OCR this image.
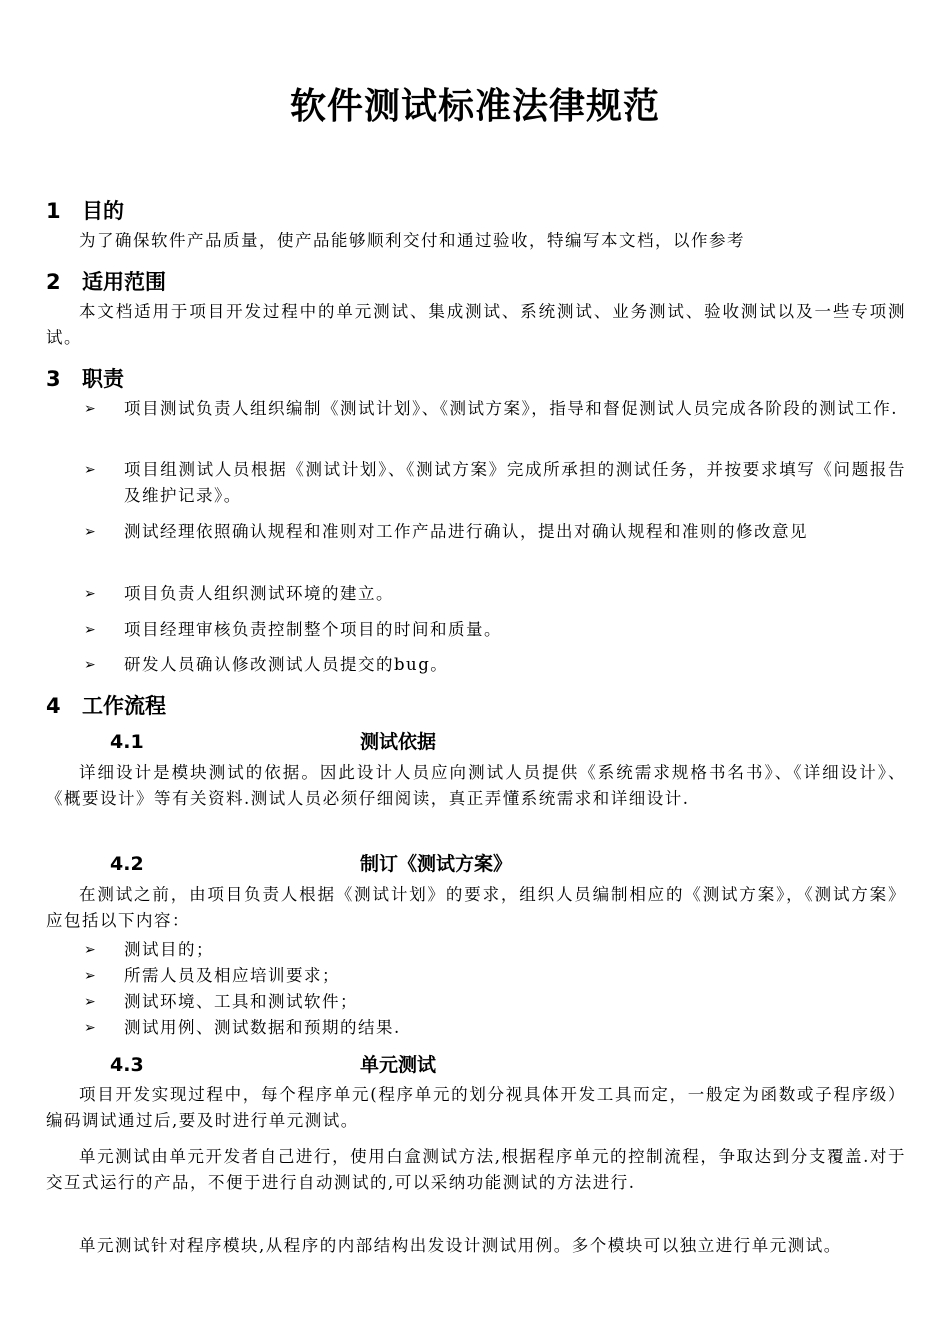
软件测试标准法律规范
1 目的
为了确保软件产品质量，使产品能够顺利交付和通过验收，特编写本文档，以作参考
2 适用范围
本文档适用于项目开发过程中的单元测试、集成测试、系统测试、业务测试、验收测试以及一些专项测试。
3 职责
➢ 项目测试负责人组织编制《测试计划》、《测试方案》，指导和督促测试人员完成各阶段的测试工作.
➢ 项目组测试人员根据《测试计划》、《测试方案》完成所承担的测试任务，并按要求填写《问题报告及维护记录》。
➢ 测试经理依照确认规程和准则对工作产品进行确认，提出对确认规程和准则的修改意见
➢ 项目负责人组织测试环境的建立。
➢ 项目经理审核负责控制整个项目的时间和质量。
➢ 研发人员确认修改测试人员提交的bug。
4 工作流程
4.1	测试依据
详细设计是模块测试的依据。因此设计人员应向测试人员提供《系统需求规格书名书》、《详细设计》、《概要设计》等有关资料.测试人员必须仔细阅读，真正弄懂系统需求和详细设计.
4.2	制订《测试方案》
在测试之前，由项目负责人根据《测试计划》的要求，组织人员编制相应的《测试方案》，《测试方案》应包括以下内容：
➢ 测试目的；
➢ 所需人员及相应培训要求；
➢ 测试环境、工具和测试软件；
➢ 测试用例、测试数据和预期的结果.
4.3	单元测试
项目开发实现过程中，每个程序单元(程序单元的划分视具体开发工具而定，一般定为函数或子程序级）编码调试通过后,要及时进行单元测试。
单元测试由单元开发者自己进行，使用白盒测试方法,根据程序单元的控制流程，争取达到分支覆盖.对于交互式运行的产品，不便于进行自动测试的,可以采纳功能测试的方法进行.
单元测试针对程序模块,从程序的内部结构出发设计测试用例。多个模块可以独立进行单元测试。
